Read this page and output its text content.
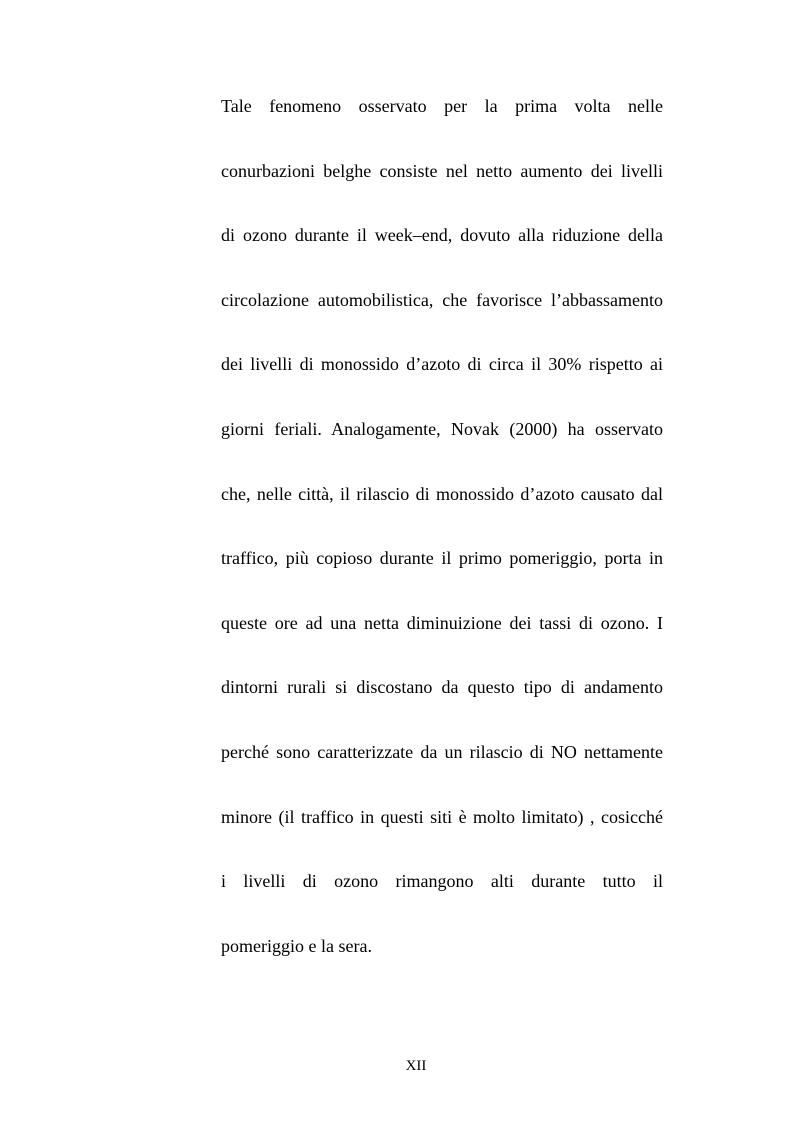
Tale fenomeno osservato per la prima volta nelle
conurbazioni belghe consiste nel netto aumento dei livelli
di ozono durante il week–end, dovuto alla riduzione della
circolazione automobilistica, che favorisce l’abbassamento
dei livelli di monossido d’azoto di circa il 30% rispetto ai
giorni feriali. Analogamente, Novak (2000) ha osservato
che, nelle città, il rilascio di monossido d’azoto causato dal
traffico, più copioso durante il primo pomeriggio, porta in
queste ore ad una netta diminuizione dei tassi di ozono. I
dintorni rurali si discostano da questo tipo di andamento
perché sono caratterizzate da un rilascio di NO nettamente
minore (il traffico in questi siti è molto limitato) , cosicché
i livelli di ozono rimangono alti durante tutto il
pomeriggio e la sera.
XII
